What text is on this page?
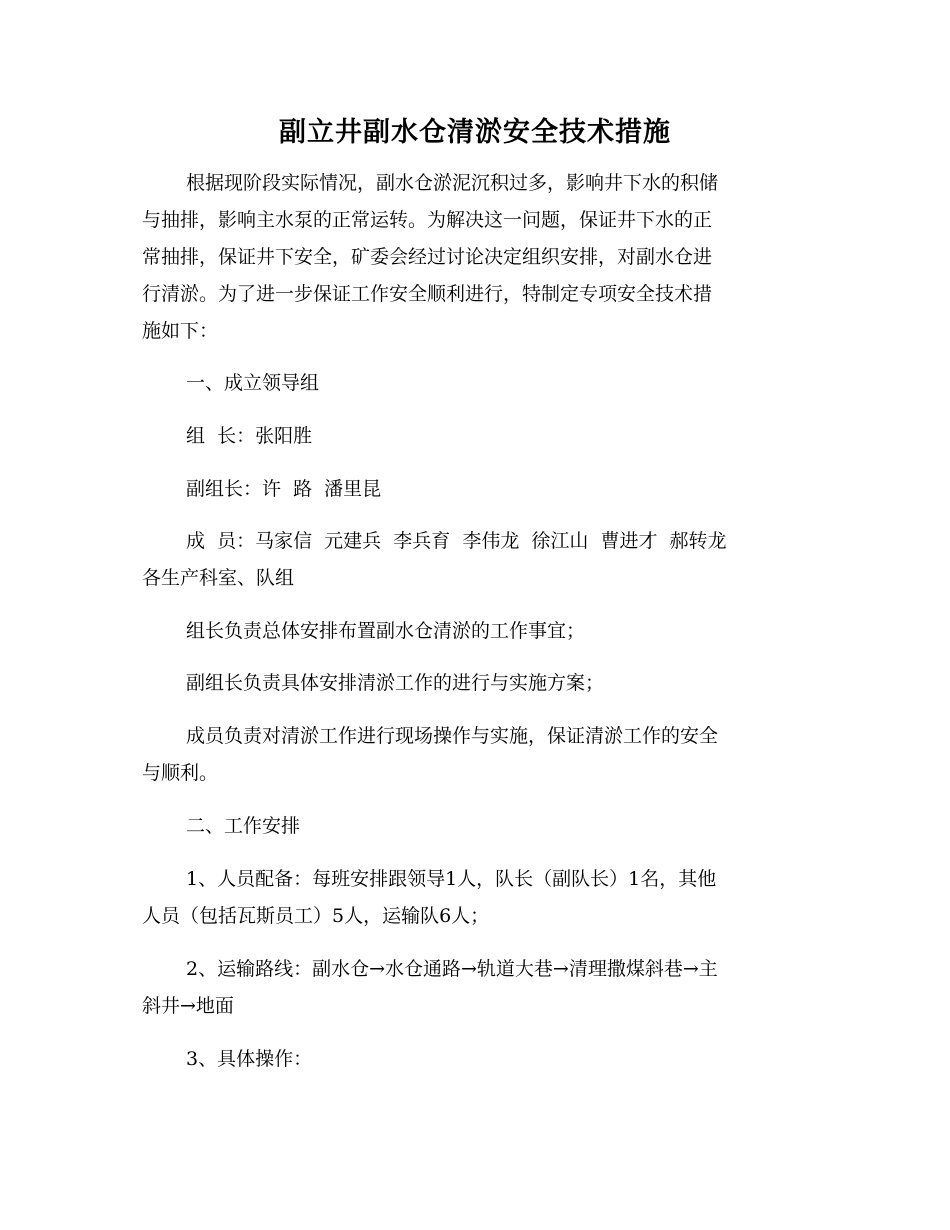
副立井副水仓清淤安全技术措施
根据现阶段实际情况，副水仓淤泥沉积过多，影响井下水的积储
与抽排，影响主水泵的正常运转。为解决这一问题，保证井下水的正
常抽排，保证井下安全，矿委会经过讨论决定组织安排，对副水仓进
行清淤。为了进一步保证工作安全顺利进行，特制定专项安全技术措
施如下：
一、成立领导组
组  长：张阳胜
副组长：许  路  潘里昆
成  员：马家信  元建兵  李兵育  李伟龙  徐江山  曹进才  郝转龙
各生产科室、队组
组长负责总体安排布置副水仓清淤的工作事宜；
副组长负责具体安排清淤工作的进行与实施方案；
成员负责对清淤工作进行现场操作与实施，保证清淤工作的安全
与顺利。
二、工作安排
1、人员配备：每班安排跟领导1人，队长（副队长）1名，其他
人员（包括瓦斯员工）5人，运输队6人；
2、运输路线：副水仓→水仓通路→轨道大巷→清理撒煤斜巷→主
斜井→地面
3、具体操作：
